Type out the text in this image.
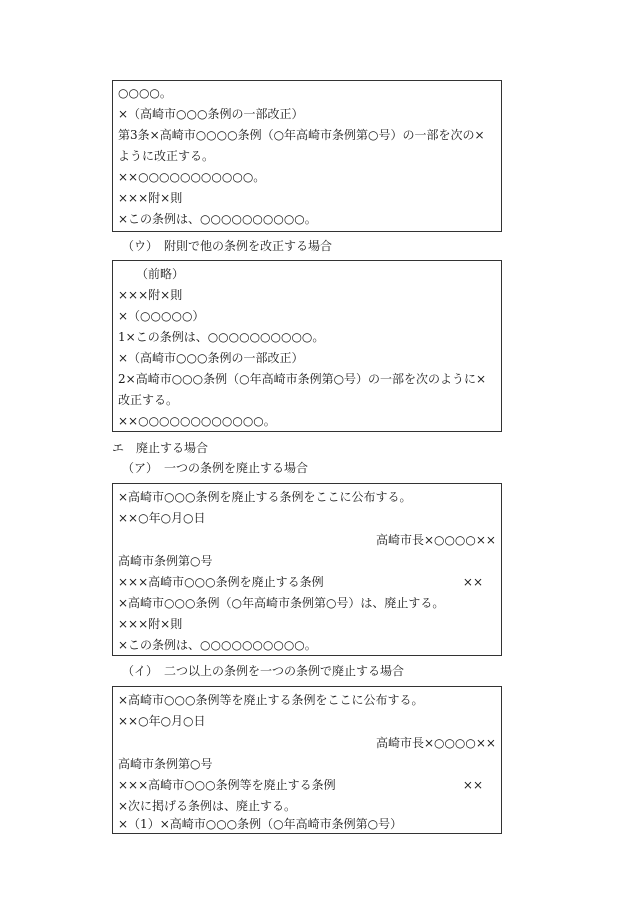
○○○○。
×（高崎市○○○条例の一部改正）
第3条×高崎市○○○○条例（○年高崎市条例第○号）の一部を次の×
ように改正する。
××○○○○○○○○○○○。
×××附×則
×この条例は、○○○○○○○○○○。
（ウ）　附則で他の条例を改正する場合
　　（前略）
×××附×則
×（○○○○○）
1×この条例は、○○○○○○○○○○。
×（高崎市○○○条例の一部改正）
2×高崎市○○○条例（○年高崎市条例第○号）の一部を次のように×
改正する。
××○○○○○○○○○○○○。
エ　廃止する場合
（ア）　一つの条例を廃止する場合
×高崎市○○○条例を廃止する条例をここに公布する。
××○年○月○日
高崎市長×○○○○××
高崎市条例第○号
×××高崎市○○○条例を廃止する条例	××
×高崎市○○○条例（○年高崎市条例第○号）は、廃止する。
×××附×則
×この条例は、○○○○○○○○○○。
（イ）　二つ以上の条例を一つの条例で廃止する場合
×高崎市○○○条例等を廃止する条例をここに公布する。
××○年○月○日
高崎市長×○○○○××
高崎市条例第○号
×××高崎市○○○条例等を廃止する条例	××
×次に掲げる条例は、廃止する。
×（1）×高崎市○○○条例（○年高崎市条例第○号）
